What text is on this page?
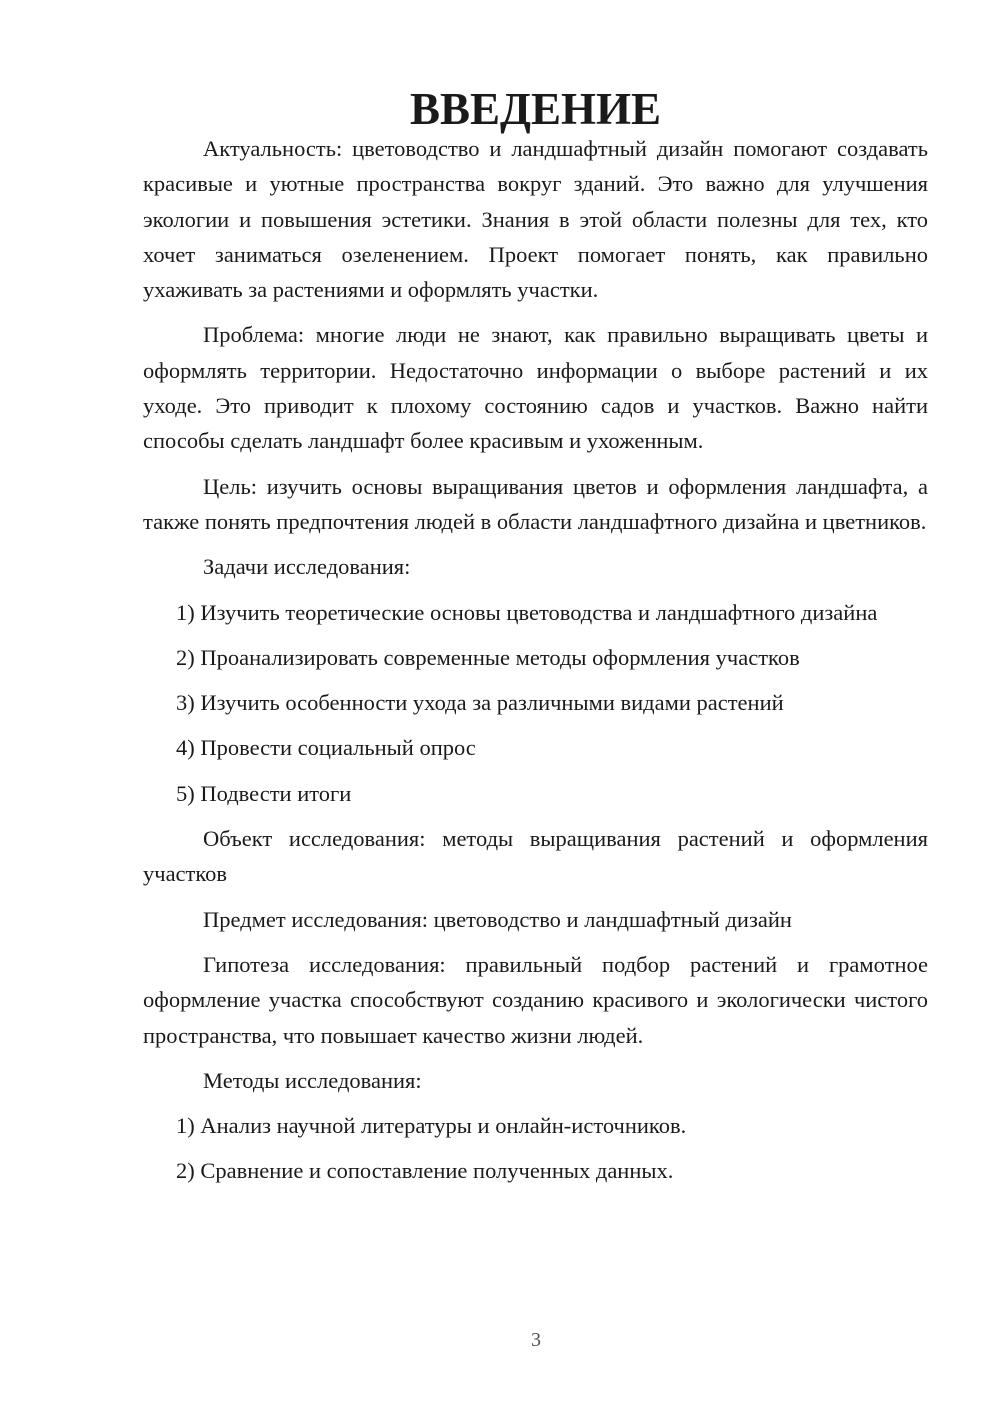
ВВЕДЕНИЕ

Актуальность: цветоводство и ландшафтный дизайн помогают создавать красивые и уютные пространства вокруг зданий. Это важно для улучшения экологии и повышения эстетики. Знания в этой области полезны для тех, кто хочет заниматься озеленением. Проект помогает понять, как правильно ухаживать за растениями и оформлять участки.

Проблема: многие люди не знают, как правильно выращивать цветы и оформлять территории. Недостаточно информации о выборе растений и их уходе. Это приводит к плохому состоянию садов и участков. Важно найти способы сделать ландшафт более красивым и ухоженным.

Цель: изучить основы выращивания цветов и оформления ландшафта, а также понять предпочтения людей в области ландшафтного дизайна и цветников.

Задачи исследования:

1) Изучить теоретические основы цветоводства и ландшафтного дизайна

2) Проанализировать современные методы оформления участков

3) Изучить особенности ухода за различными видами растений

4) Провести социальный опрос

5) Подвести итоги

Объект исследования: методы выращивания растений и оформления участков

Предмет исследования: цветоводство и ландшафтный дизайн

Гипотеза исследования: правильный подбор растений и грамотное оформление участка способствуют созданию красивого и экологически чистого пространства, что повышает качество жизни людей.

Методы исследования:

1) Анализ научной литературы и онлайн-источников.

2) Сравнение и сопоставление полученных данных.

3
